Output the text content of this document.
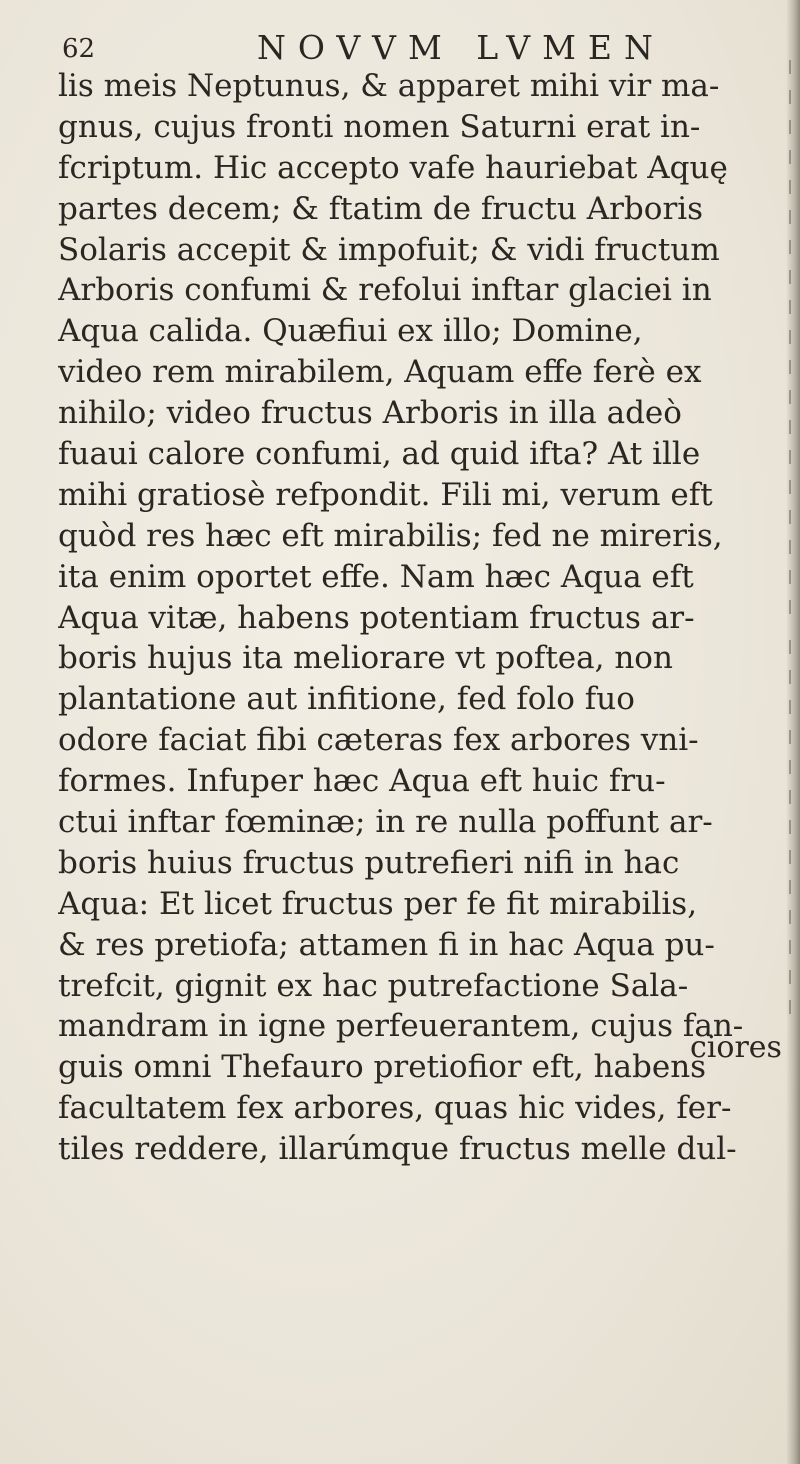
62	NOVVM LVMEN
lis meis Neptunus, & apparet mihi vir ma-
gnus, cujus fronti nomen Saturni erat in-
fcriptum. Hic accepto vafe hauriebat Aquę
partes decem; & ftatim de fructu Arboris
Solaris accepit & impofuit; & vidi fructum
Arboris confumi & refolui inftar glaciei in
Aqua calida. Quæfiui ex illo; Domine,
video rem mirabilem, Aquam effe ferè ex
nihilo; video fructus Arboris in illa adeò
fuaui calore confumi, ad quid ifta? At ille
mihi gratiosè refpondit. Fili mi, verum eft
quòd res hæc eft mirabilis; fed ne mireris,
ita enim oportet effe. Nam hæc Aqua eft
Aqua vitæ, habens potentiam fructus ar-
boris hujus ita meliorare vt poftea, non
plantatione aut infitione, fed folo fuo
odore faciat fibi cæteras fex arbores vni-
formes. Infuper hæc Aqua eft huic fru-
ctui inftar fœminæ; in re nulla poffunt ar-
boris huius fructus putrefieri nifi in hac
Aqua: Et licet fructus per fe fit mirabilis,
& res pretiofa; attamen fi in hac Aqua pu-
trefcit, gignit ex hac putrefactione Sala-
mandram in igne perfeuerantem, cujus fan-
guis omni Thefauro pretiofior eft, habens
facultatem fex arbores, quas hic vides, fer-
tiles reddere, illarúmque fructus melle dul-
ciores
